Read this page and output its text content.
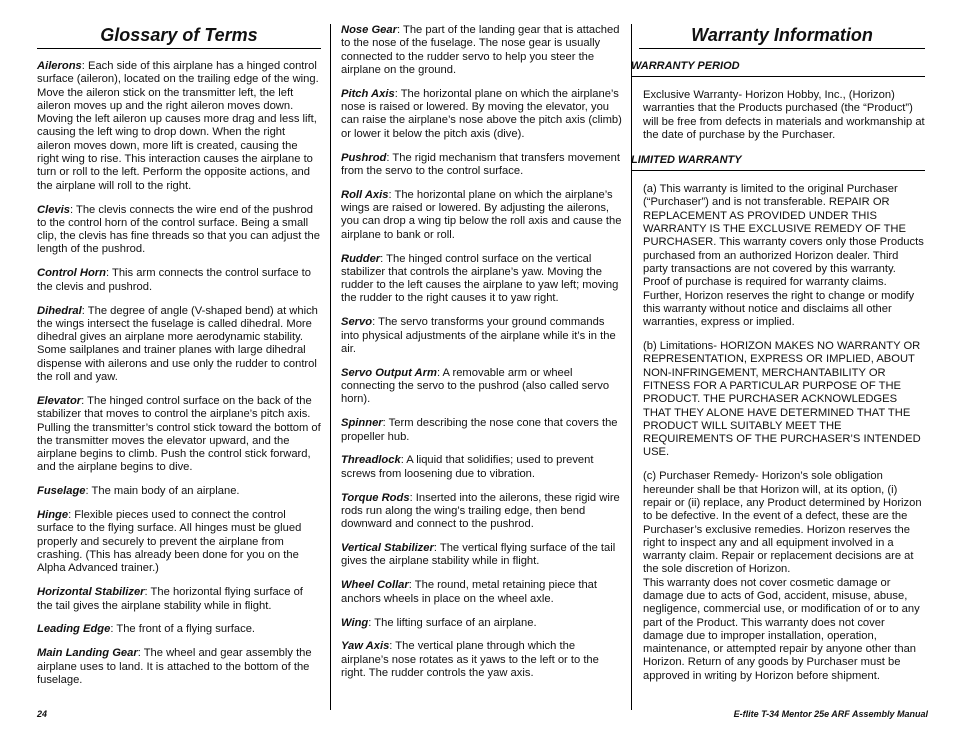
Glossary of Terms

Ailerons: Each side of this airplane has a hinged control surface (aileron), located on the trailing edge of the wing. Move the aileron stick on the transmitter left, the left aileron moves up and the right aileron moves down. Moving the left aileron up causes more drag and less lift, causing the left wing to drop down. When the right aileron moves down, more lift is created, causing the right wing to rise. This interaction causes the airplane to turn or roll to the left. Perform the opposite actions, and the airplane will roll to the right.

Clevis: The clevis connects the wire end of the pushrod to the control horn of the control surface. Being a small clip, the clevis has fine threads so that you can adjust the length of the pushrod.

Control Horn: This arm connects the control surface to the clevis and pushrod.

Dihedral: The degree of angle (V-shaped bend) at which the wings intersect the fuselage is called dihedral. More dihedral gives an airplane more aerodynamic stability. Some sailplanes and trainer planes with large dihedral dispense with ailerons and use only the rudder to control the roll and yaw.

Elevator: The hinged control surface on the back of the stabilizer that moves to control the airplane’s pitch axis. Pulling the transmitter’s control stick toward the bottom of the transmitter moves the elevator upward, and the airplane begins to climb. Push the control stick forward, and the airplane begins to dive.

Fuselage: The main body of an airplane.

Hinge: Flexible pieces used to connect the control surface to the flying surface. All hinges must be glued properly and securely to prevent the airplane from crashing. (This has already been done for you on the Alpha Advanced trainer.)

Horizontal Stabilizer: The horizontal flying surface of the tail gives the airplane stability while in flight.

Leading Edge: The front of a flying surface.

Main Landing Gear: The wheel and gear assembly the airplane uses to land. It is attached to the bottom of the fuselage.

Nose Gear: The part of the landing gear that is attached to the nose of the fuselage. The nose gear is usually connected to the rudder servo to help you steer the airplane on the ground.

Pitch Axis: The horizontal plane on which the airplane’s nose is raised or lowered. By moving the elevator, you can raise the airplane’s nose above the pitch axis (climb) or lower it below the pitch axis (dive).

Pushrod: The rigid mechanism that transfers movement from the servo to the control surface.

Roll Axis: The horizontal plane on which the airplane’s wings are raised or lowered. By adjusting the ailerons, you can drop a wing tip below the roll axis and cause the airplane to bank or roll.

Rudder: The hinged control surface on the vertical stabilizer that controls the airplane’s yaw. Moving the rudder to the left causes the airplane to yaw left; moving the rudder to the right causes it to yaw right.

Servo: The servo transforms your ground commands into physical adjustments of the airplane while it’s in the air.

Servo Output Arm: A removable arm or wheel connecting the servo to the pushrod (also called servo horn).

Spinner: Term describing the nose cone that covers the propeller hub.

Threadlock: A liquid that solidifies; used to prevent screws from loosening due to vibration.

Torque Rods: Inserted into the ailerons, these rigid wire rods run along the wing’s trailing edge, then bend downward and connect to the pushrod.

Vertical Stabilizer: The vertical flying surface of the tail gives the airplane stability while in flight.

Wheel Collar: The round, metal retaining piece that anchors wheels in place on the wheel axle.

Wing: The lifting surface of an airplane.

Yaw Axis: The vertical plane through which the airplane’s nose rotates as it yaws to the left or to the right. The rudder controls the yaw axis.

Warranty Information
WARRANTY PERIOD

Exclusive Warranty- Horizon Hobby, Inc., (Horizon) warranties that the Products purchased (the “Product”) will be free from defects in materials and workmanship at the date of purchase by the Purchaser.

LIMITED WARRANTY

(a) This warranty is limited to the original Purchaser (“Purchaser”) and is not transferable. REPAIR OR REPLACEMENT AS PROVIDED UNDER THIS WARRANTY IS THE EXCLUSIVE REMEDY OF THE PURCHASER. This warranty covers only those Products purchased from an authorized Horizon dealer. Third party transactions are not covered by this warranty. Proof of purchase is required for warranty claims. Further, Horizon reserves the right to change or modify this warranty without notice and disclaims all other warranties, express or implied.

(b) Limitations- HORIZON MAKES NO WARRANTY OR REPRESENTATION, EXPRESS OR IMPLIED, ABOUT NON-INFRINGEMENT, MERCHANTABILITY OR FITNESS FOR A PARTICULAR PURPOSE OF THE PRODUCT. THE PURCHASER ACKNOWLEDGES THAT THEY ALONE HAVE DETERMINED THAT THE PRODUCT WILL SUITABLY MEET THE REQUIREMENTS OF THE PURCHASER’S INTENDED USE.

(c) Purchaser Remedy- Horizon’s sole obligation hereunder shall be that Horizon will, at its option, (i) repair or (ii) replace, any Product determined by Horizon to be defective. In the event of a defect, these are the Purchaser’s exclusive remedies. Horizon reserves the right to inspect any and all equipment involved in a warranty claim. Repair or replacement decisions are at the sole discretion of Horizon.

This warranty does not cover cosmetic damage or damage due to acts of God, accident, misuse, abuse, negligence, commercial use, or modification of or to any part of the Product. This warranty does not cover damage due to improper installation, operation, maintenance, or attempted repair by anyone other than Horizon. Return of any goods by Purchaser must be approved in writing by Horizon before shipment.

24	E-flite T-34 Mentor 25e ARF Assembly Manual
